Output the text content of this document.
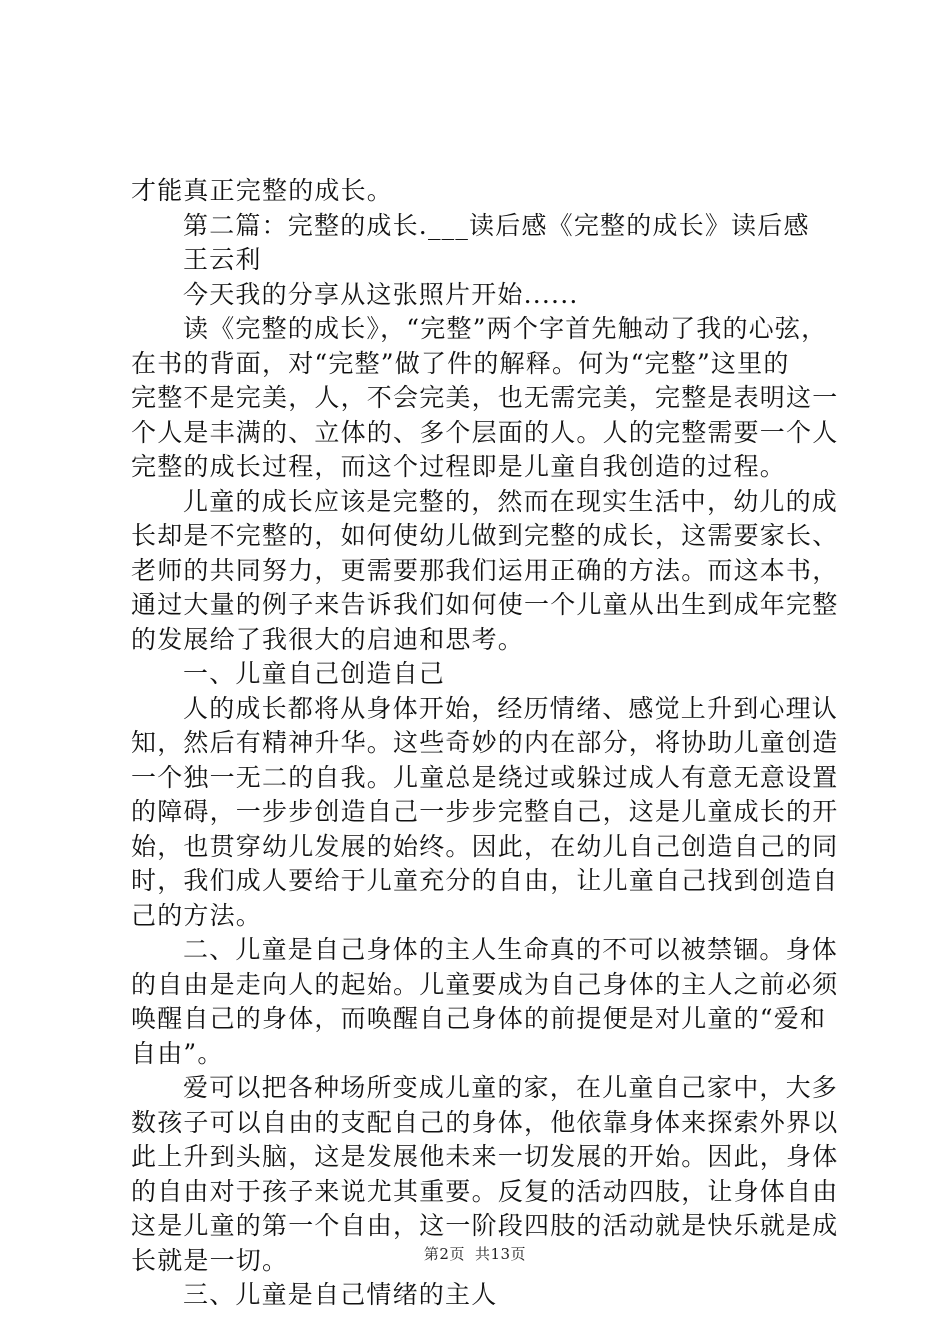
才能真正完整的成长。

第二篇：完整的成长.___读后感《完整的成长》读后感

王云利

今天我的分享从这张照片开始......

读《完整的成长》，“完整”两个字首先触动了我的心弦，

在书的背面，对“完整”做了件的解释。何为“完整”这里的

完整不是完美，人，不会完美，也无需完美，完整是表明这一

个人是丰满的、立体的、多个层面的人。人的完整需要一个人

完整的成长过程，而这个过程即是儿童自我创造的过程。

儿童的成长应该是完整的，然而在现实生活中，幼儿的成

长却是不完整的，如何使幼儿做到完整的成长，这需要家长、

老师的共同努力，更需要那我们运用正确的方法。而这本书，

通过大量的例子来告诉我们如何使一个儿童从出生到成年完整

的发展给了我很大的启迪和思考。

一、儿童自己创造自己

人的成长都将从身体开始，经历情绪、感觉上升到心理认

知，然后有精神升华。这些奇妙的内在部分，将协助儿童创造

一个独一无二的自我。儿童总是绕过或躲过成人有意无意设置

的障碍，一步步创造自己一步步完整自己，这是儿童成长的开

始，也贯穿幼儿发展的始终。因此，在幼儿自己创造自己的同

时，我们成人要给于儿童充分的自由，让儿童自己找到创造自

己的方法。

二、儿童是自己身体的主人生命真的不可以被禁锢。身体

的自由是走向人的起始。儿童要成为自己身体的主人之前必须

唤醒自己的身体，而唤醒自己身体的前提便是对儿童的“爱和

自由”。

爱可以把各种场所变成儿童的家，在儿童自己家中，大多

数孩子可以自由的支配自己的身体，他依靠身体来探索外界以

此上升到头脑，这是发展他未来一切发展的开始。因此，身体

的自由对于孩子来说尤其重要。反复的活动四肢，让身体自由

这是儿童的第一个自由，这一阶段四肢的活动就是快乐就是成

长就是一切。

三、儿童是自己情绪的主人

第2页 共13页
